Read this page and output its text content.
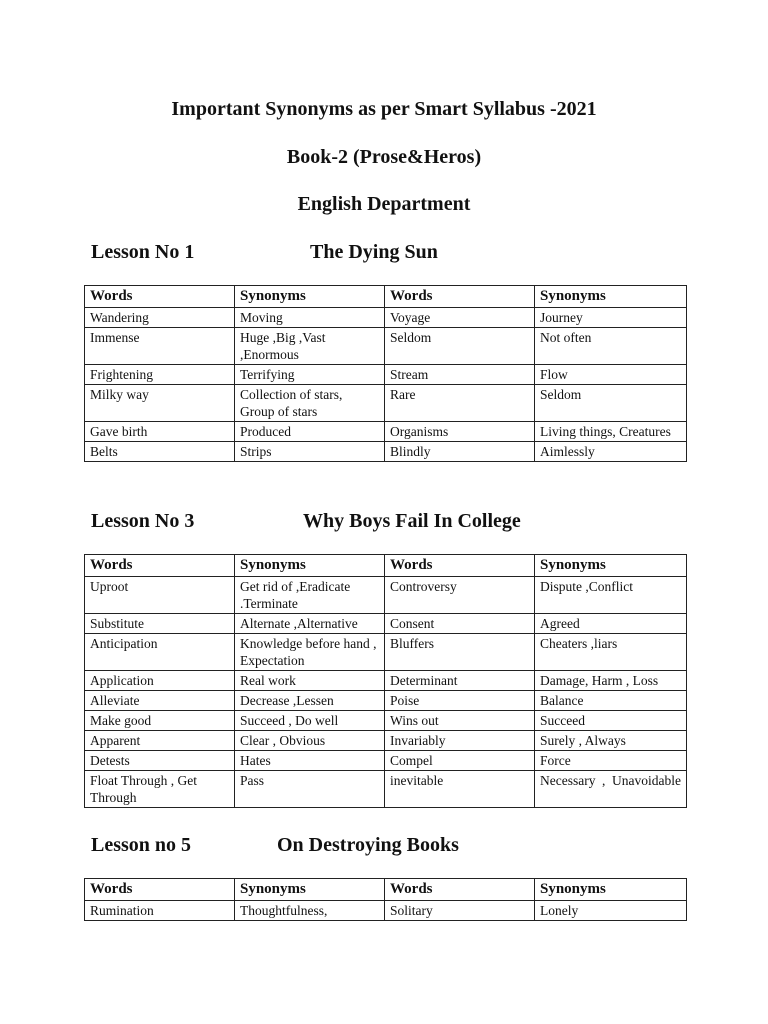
Important Synonyms as per Smart Syllabus -2021
Book-2 (Prose&Heros)
English Department
Lesson No 1	The Dying Sun
Words	Synonyms	Words	Synonyms
Wandering	Moving	Voyage	Journey
Immense	Huge ,Big ,Vast ,Enormous	Seldom	Not often
Frightening	Terrifying	Stream	Flow
Milky way	Collection of stars, Group of stars	Rare	Seldom
Gave birth	Produced	Organisms	Living things, Creatures
Belts	Strips	Blindly	Aimlessly
Lesson No 3	Why Boys Fail In College
Words	Synonyms	Words	Synonyms
Uproot	Get rid of ,Eradicate .Terminate	Controversy	Dispute ,Conflict
Substitute	Alternate ,Alternative	Consent	Agreed
Anticipation	Knowledge before hand , Expectation	Bluffers	Cheaters ,liars
Application	Real work	Determinant	Damage, Harm , Loss
Alleviate	Decrease ,Lessen	Poise	Balance
Make good	Succeed , Do well	Wins out	Succeed
Apparent	Clear , Obvious	Invariably	Surely , Always
Detests	Hates	Compel	Force
Float Through , Get Through	Pass	inevitable	Necessary , Unavoidable
Lesson no 5	On Destroying Books
Words	Synonyms	Words	Synonyms
Rumination	Thoughtfulness,	Solitary	Lonely
